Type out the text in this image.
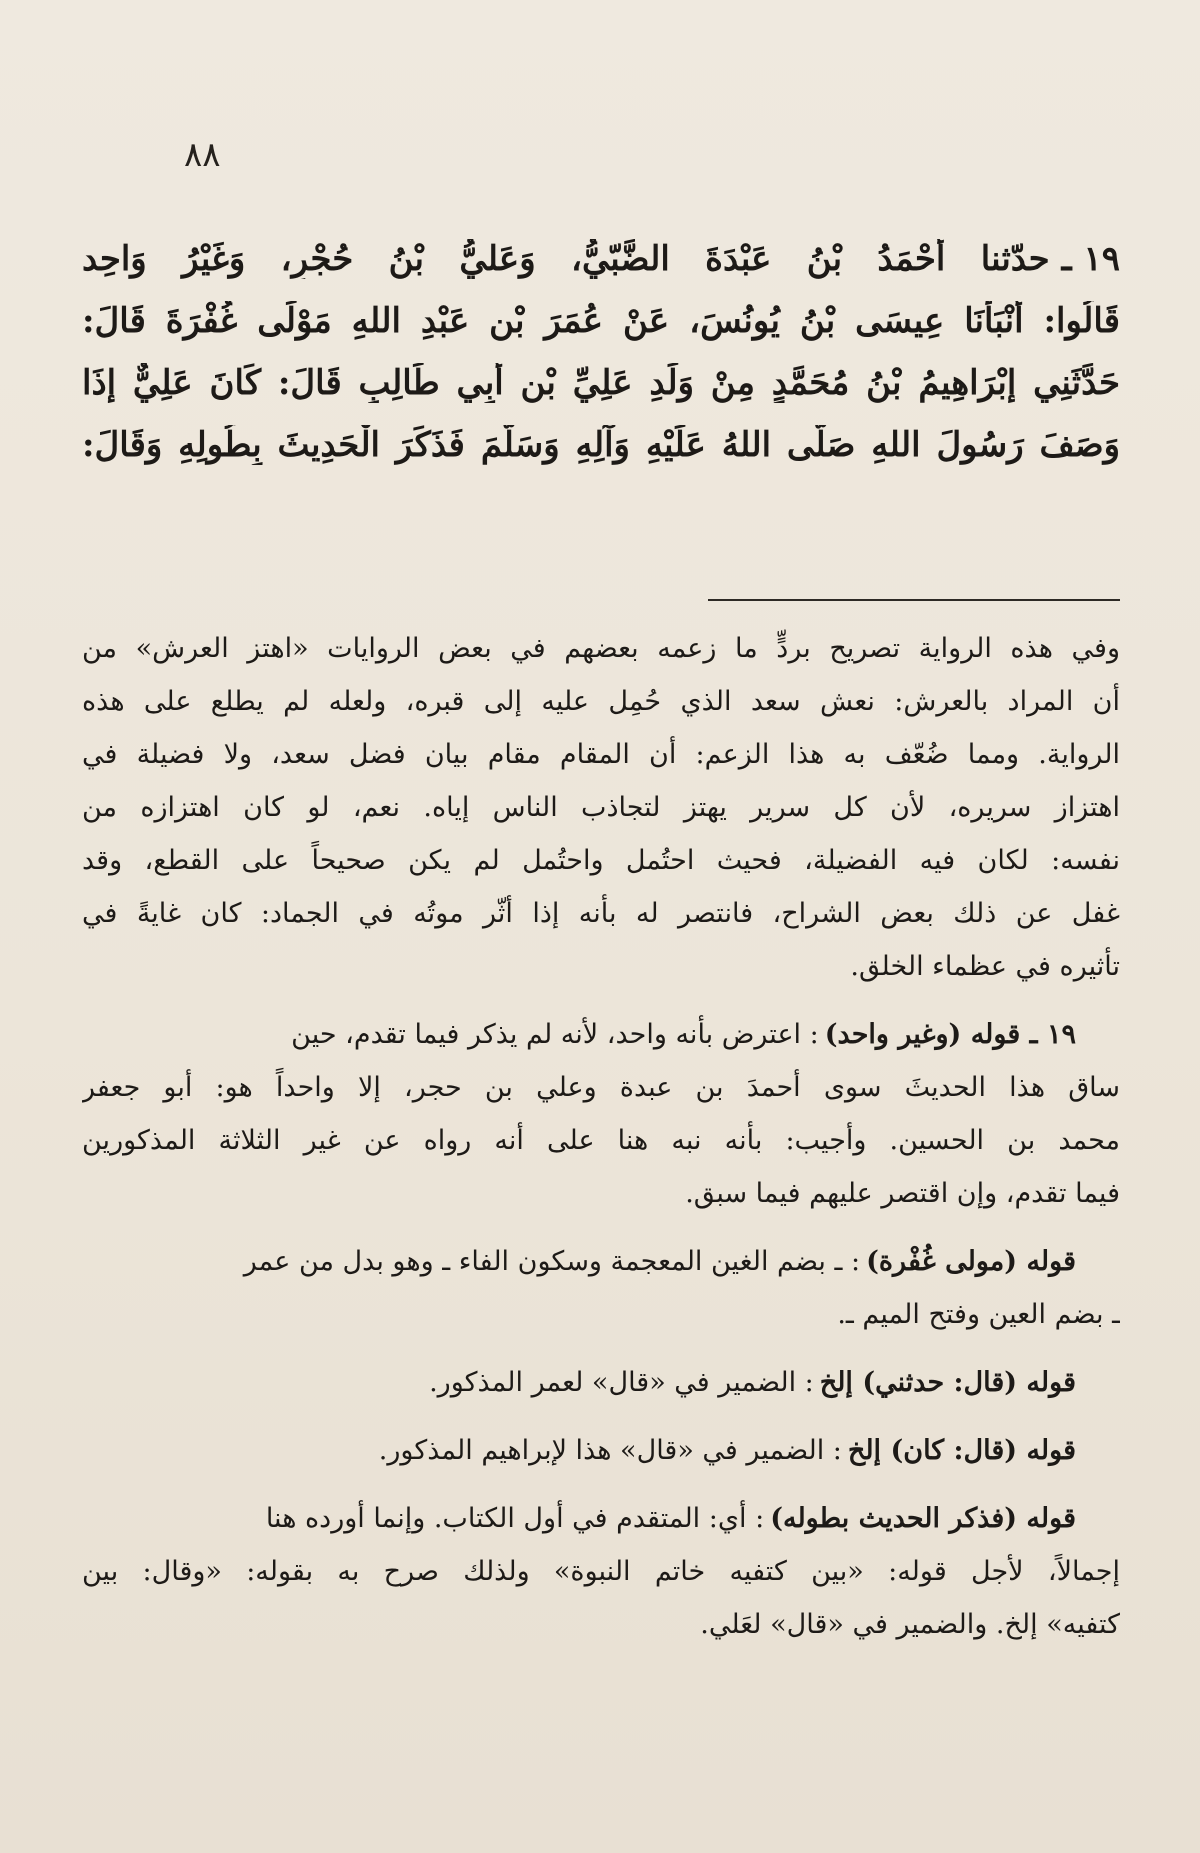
٨٨
١٩ ـ
حدّثنا أَحْمَدُ بْنُ عَبْدَةَ الضَّبّيُّ، وَعَليُّ بْنُ حُجْرٍ، وَغَيْرُ وَاحِد
قَالُوا: أَنْبَأَنَا عِيسَى بْنُ يُونُسَ، عَنْ عُمَرَ بْنِ عَبْدِ اللهِ مَوْلَى غُفْرَةَ قَالَ:
حَدَّثَنِي إِبْرَاهِيمُ بْنُ مُحَمَّدٍ مِنْ وَلَدِ عَلِيِّ بْنِ أَبِي طَالِبٍ قَالَ: كَانَ عَلِيٌّ إِذَا
وَصَفَ رَسُولَ اللهِ صَلَّى اللهُ عَلَيْهِ وَآلِهِ وَسَلَّمَ فَذَكَرَ الْحَدِيثَ بِطُولِهِ وَقَالَ:
وفي هذه الرواية تصريح بردٍّ ما زعمه بعضهم في بعض الروايات «اهتز العرش» من
أن المراد بالعرش: نعش سعد الذي حُمِل عليه إلى قبره، ولعله لم يطلع على هذه
الرواية. ومما ضُعّف به هذا الزعم: أن المقام مقام بيان فضل سعد، ولا فضيلة في
اهتزاز سريره، لأن كل سرير يهتز لتجاذب الناس إياه. نعم، لو كان اهتزازه من
نفسه: لكان فيه الفضيلة، فحيث احتُمل واحتُمل لم يكن صحيحاً على القطع، وقد
غفل عن ذلك بعض الشراح، فانتصر له بأنه إذا أثّر موتُه في الجماد: كان غايةً في
تأثيره في عظماء الخلق.
١٩ ـ قوله (وغير واحد): اعترض بأنه واحد، لأنه لم يذكر فيما تقدم، حين
ساق هذا الحديثَ سوى أحمدَ بن عبدة وعلي بن حجر، إلا واحداً هو: أبو جعفر
محمد بن الحسين. وأجيب: بأنه نبه هنا على أنه رواه عن غير الثلاثة المذكورين
فيما تقدم، وإن اقتصر عليهم فيما سبق.
قوله (مولى غُفْرة): ـ بضم الغين المعجمة وسكون الفاء ـ وهو بدل من عمر
ـ بضم العين وفتح الميم ـ.
قوله (قال: حدثني) إلخ: الضمير في «قال» لعمر المذكور.
قوله (قال: كان) إلخ: الضمير في «قال» هذا لإبراهيم المذكور.
قوله (فذكر الحديث بطوله): أي: المتقدم في أول الكتاب. وإنما أورده هنا
إجمالاً، لأجل قوله: «بين كتفيه خاتم النبوة» ولذلك صرح به بقوله: «وقال: بين
كتفيه» إلخ. والضمير في «قال» لعَلي.
